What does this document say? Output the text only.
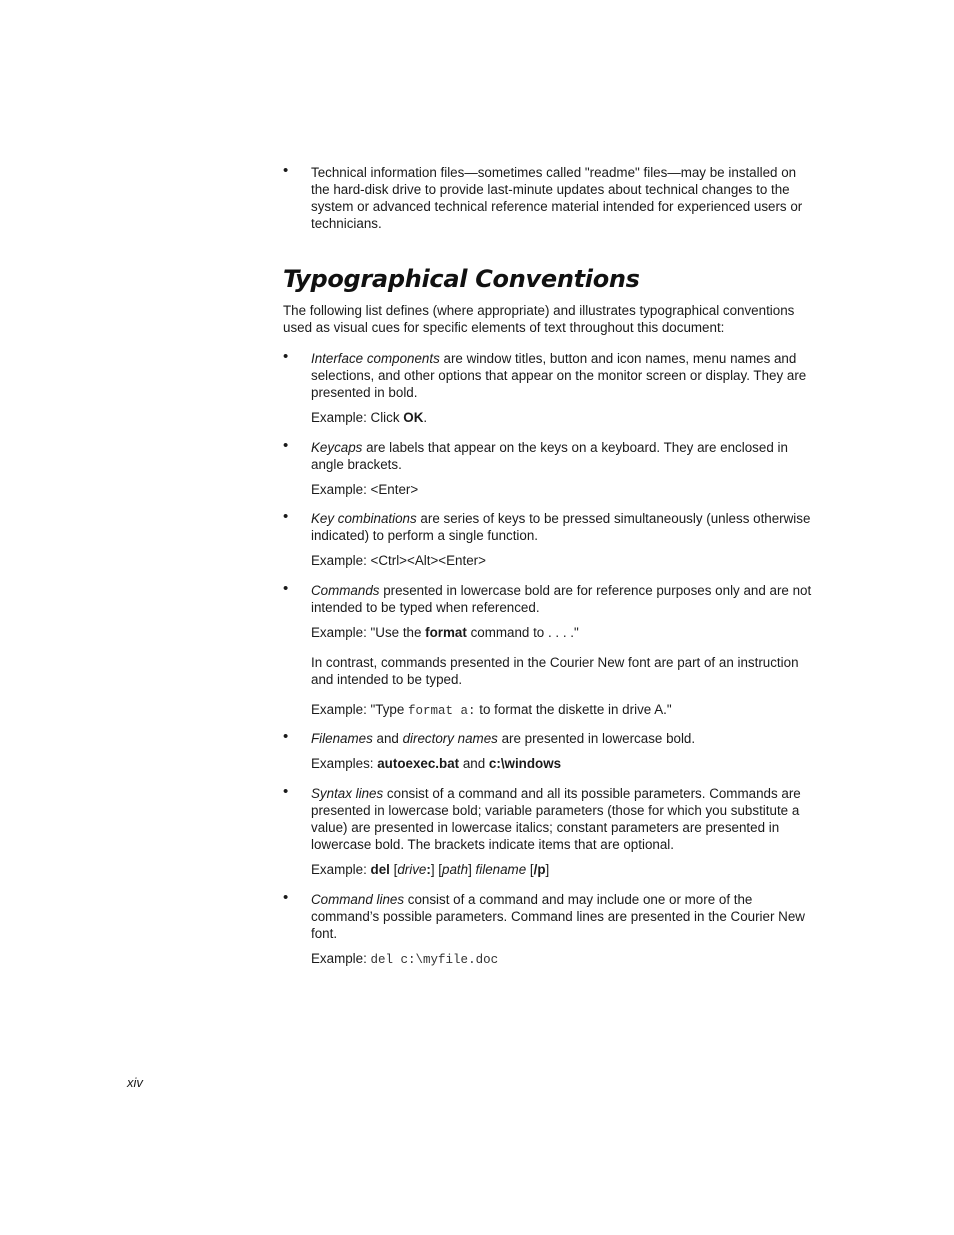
• Technical information files—sometimes called "readme" files—may be installed on the hard-disk drive to provide last-minute updates about technical changes to the system or advanced technical reference material intended for experienced users or technicians.

Typographical Conventions

The following list defines (where appropriate) and illustrates typographical conventions used as visual cues for specific elements of text throughout this document:

• Interface components are window titles, button and icon names, menu names and selections, and other options that appear on the monitor screen or display. They are presented in bold.

Example: Click OK.

• Keycaps are labels that appear on the keys on a keyboard. They are enclosed in angle brackets.

Example: <Enter>

• Key combinations are series of keys to be pressed simultaneously (unless otherwise indicated) to perform a single function.

Example: <Ctrl><Alt><Enter>

• Commands presented in lowercase bold are for reference purposes only and are not intended to be typed when referenced.

Example: "Use the format command to . . . ."

In contrast, commands presented in the Courier New font are part of an instruction and intended to be typed.

Example: "Type format a: to format the diskette in drive A."

• Filenames and directory names are presented in lowercase bold.

Examples: autoexec.bat and c:\windows

• Syntax lines consist of a command and all its possible parameters. Commands are presented in lowercase bold; variable parameters (those for which you substitute a value) are presented in lowercase italics; constant parameters are presented in lowercase bold. The brackets indicate items that are optional.

Example: del [drive:] [path] filename [/p]

• Command lines consist of a command and may include one or more of the command’s possible parameters. Command lines are presented in the Courier New font.

Example: del c:\myfile.doc

xiv
